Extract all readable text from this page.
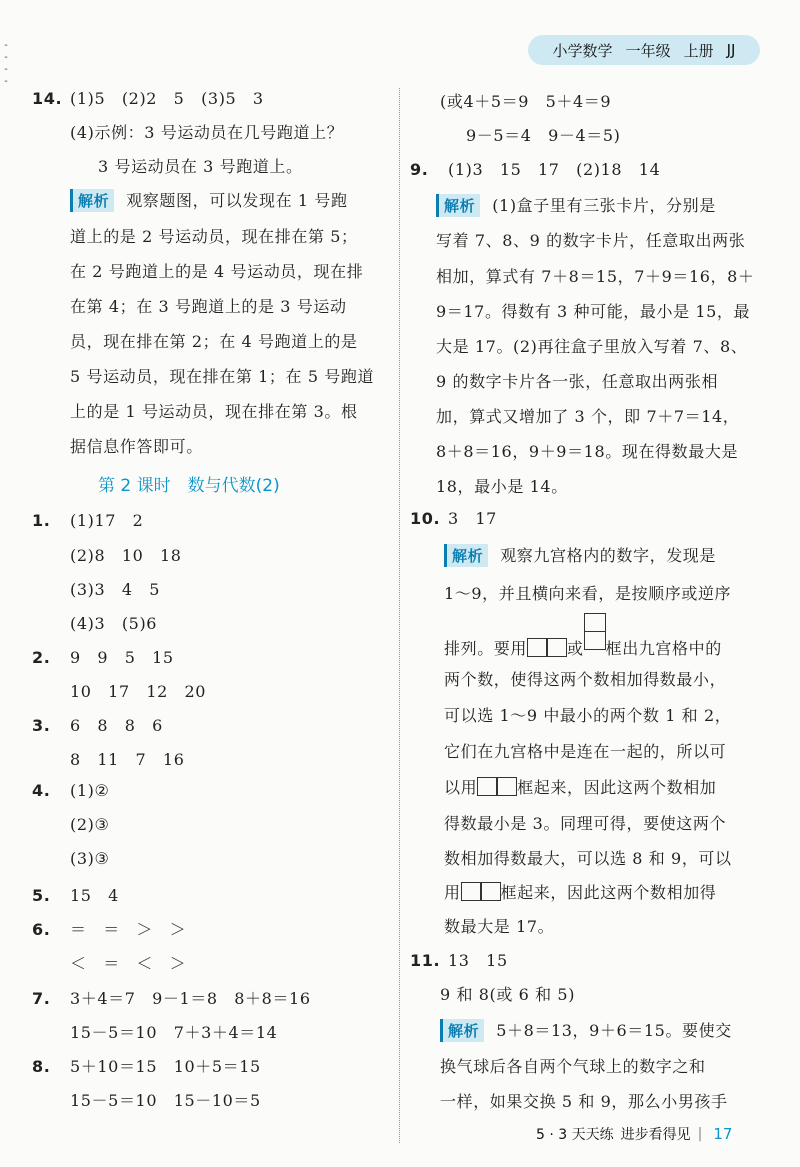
-
-
-
-
小学数学 一年级 上册 JJ
14. (1)5　(2)2　5　(3)5　3
(4)示例：3 号运动员在几号跑道上？
3 号运动员在 3 号跑道上。
解析 观察题图，可以发现在 1 号跑
道上的是 2 号运动员，现在排在第 5；
在 2 号跑道上的是 4 号运动员，现在排
在第 4；在 3 号跑道上的是 3 号运动
员，现在排在第 2；在 4 号跑道上的是
5 号运动员，现在排在第 1；在 5 号跑道
上的是 1 号运动员，现在排在第 3。根
据信息作答即可。
第 2 课时　数与代数(2)
1. (1)17　2
(2)8　10　18
(3)3　4　5
(4)3　(5)6
2. 9　9　5　15
10　17　12　20
3. 6　8　8　6
8　11　7　16
4. (1)②
(2)③
(3)③
5. 15　4
6. ＝　＝　＞　＞
＜　＝　＜　＞
7. 3＋4＝7　9－1＝8　8＋8＝16
15－5＝10　7＋3＋4＝14
8. 5＋10＝15　10＋5＝15
15－5＝10　15－10＝5
(或4＋5＝9　5＋4＝9
9－5＝4　9－4＝5)
9. (1)3　15　17　(2)18　14
解析 (1)盒子里有三张卡片，分别是
写着 7、8、9 的数字卡片，任意取出两张
相加，算式有 7＋8＝15，7＋9＝16，8＋
9＝17。得数有 3 种可能，最小是 15，最
大是 17。(2)再往盒子里放入写着 7、8、
9 的数字卡片各一张，任意取出两张相
加，算式又增加了 3 个，即 7＋7＝14，
8＋8＝16，9＋9＝18。现在得数最大是
18，最小是 14。
10. 3　17
解析 观察九宫格内的数字，发现是
1～9，并且横向来看，是按顺序或逆序
排列。要用	或 框出九宫格中的
两个数，使得这两个数相加得数最小，
可以选 1～9 中最小的两个数 1 和 2，
它们在九宫格中是连在一起的，所以可
以用	框起来，因此这两个数相加
得数最小是 3。同理可得，要使这两个
数相加得数最大，可以选 8 和 9，可以
用	框起来，因此这两个数相加得
数最大是 17。
11. 13　15
9 和 8(或 6 和 5)
解析 5＋8＝13，9＋6＝15。要使交
换气球后各自两个气球上的数字之和
一样，如果交换 5 和 9，那么小男孩手
5 · 3 天天练 进步看得见 | 17
